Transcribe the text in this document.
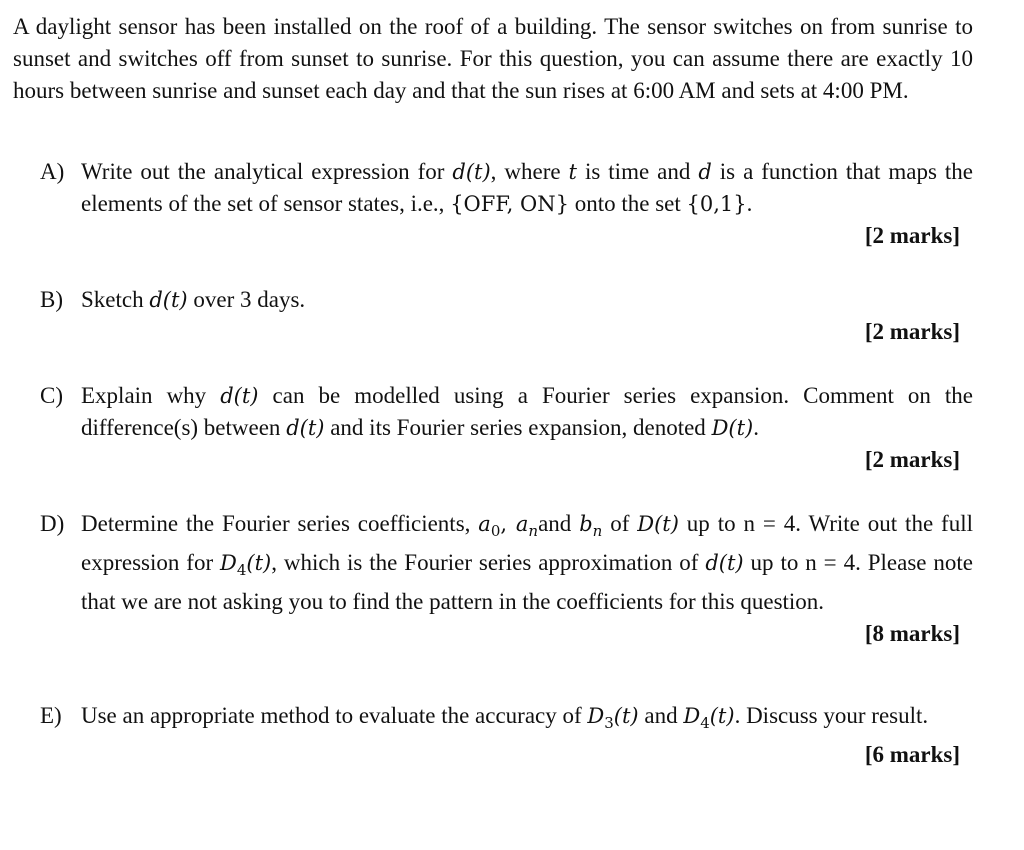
A daylight sensor has been installed on the roof of a building. The sensor switches on from sunrise to sunset and switches off from sunset to sunrise. For this question, you can assume there are exactly 10 hours between sunrise and sunset each day and that the sun rises at 6:00 AM and sets at 4:00 PM.
A) Write out the analytical expression for d(t), where t is time and d is a function that maps the elements of the set of sensor states, i.e., {OFF, ON} onto the set {0,1}.
[2 marks]
B) Sketch d(t) over 3 days.
[2 marks]
C) Explain why d(t) can be modelled using a Fourier series expansion. Comment on the difference(s) between d(t) and its Fourier series expansion, denoted D(t).
[2 marks]
D) Determine the Fourier series coefficients, $a_0$, $a_nand$ $b_n$ of D(t) up to n = 4. Write out the full expression for $D_4(t)$, which is the Fourier series approximation of d(t) up to n = 4. Please note that we are not asking you to find the pattern in the coefficients for this question.
[8 marks]
E) Use an appropriate method to evaluate the accuracy of $D_3(t)$ and $D_4(t)$. Discuss your result.
[6 marks]
